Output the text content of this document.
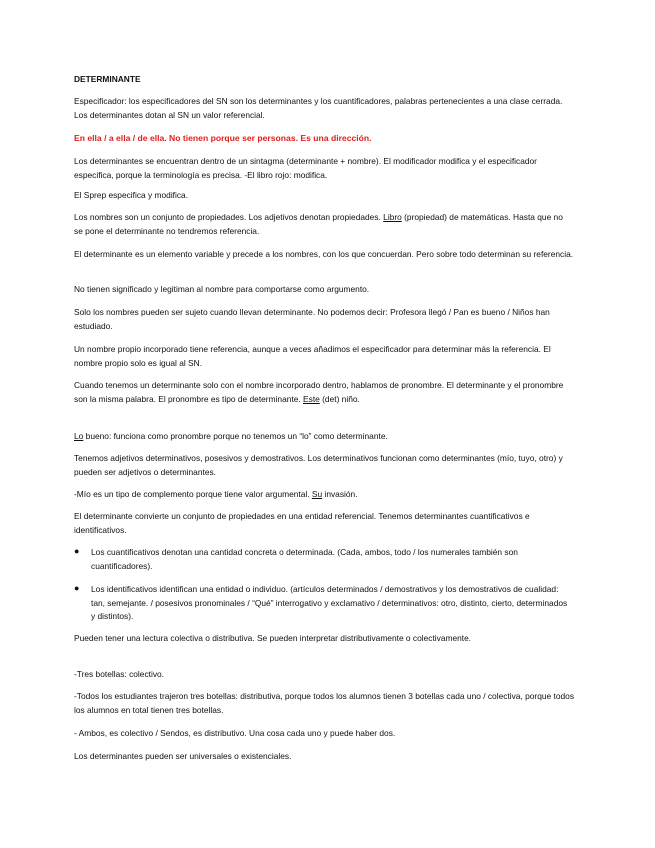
DETERMINANTE

Especificador: los especificadores del SN son los determinantes y los cuantificadores, palabras pertenecientes a una clase cerrada. Los determinantes dotan al SN un valor referencial.

En ella / a ella / de ella. No tienen porque ser personas. Es una dirección.

Los determinantes se encuentran dentro de un sintagma (determinante + nombre). El modificador modifica y el especificador especifica, porque la terminología es precisa. -El libro rojo: modifica.

El Sprep especifica y modifica.

Los nombres son un conjunto de propiedades. Los adjetivos denotan propiedades. Libro (propiedad) de matemáticas. Hasta que no se pone el determinante no tendremos referencia.

El determinante es un elemento variable y precede a los nombres, con los que concuerdan. Pero sobre todo determinan su referencia.

No tienen significado y legitiman al nombre para comportarse como argumento.

Solo los nombres pueden ser sujeto cuando llevan determinante. No podemos decir: Profesora llegó / Pan es bueno / Niños han estudiado.

Un nombre propio incorporado tiene referencia, aunque a veces añadimos el especificador para determinar más la referencia. El nombre propio solo es igual al SN.

Cuando tenemos un determinante solo con el nombre incorporado dentro, hablamos de pronombre. El determinante y el pronombre son la misma palabra. El pronombre es tipo de determinante. Este (det) niño.

Lo bueno: funciona como pronombre porque no tenemos un “lo” como determinante.

Tenemos adjetivos determinativos, posesivos y demostrativos. Los determinativos funcionan como determinantes (mío, tuyo, otro) y pueden ser adjetivos o determinantes.

-Mío es un tipo de complemento porque tiene valor argumental. Su invasión.

El determinante convierte un conjunto de propiedades en una entidad referencial. Tenemos determinantes cuantificativos e identificativos.

● Los cuantificativos denotan una cantidad concreta o determinada. (Cada, ambos, todo / los numerales también son cuantificadores).

● Los identificativos identifican una entidad o individuo. (artículos determinados / demostrativos y los demostrativos de cualidad: tan, semejante. / posesivos pronominales / “Qué” interrogativo y exclamativo / determinativos: otro, distinto, cierto, determinados y distintos).

Pueden tener una lectura colectiva o distributiva. Se pueden interpretar distributivamente o colectivamente.

-Tres botellas: colectivo.

-Todos los estudiantes trajeron tres botellas: distributiva, porque todos los alumnos tienen 3 botellas cada uno / colectiva, porque todos los alumnos en total tienen tres botellas.

- Ambos, es colectivo / Sendos, es distributivo. Una cosa cada uno y puede haber dos.

Los determinantes pueden ser universales o existenciales.
